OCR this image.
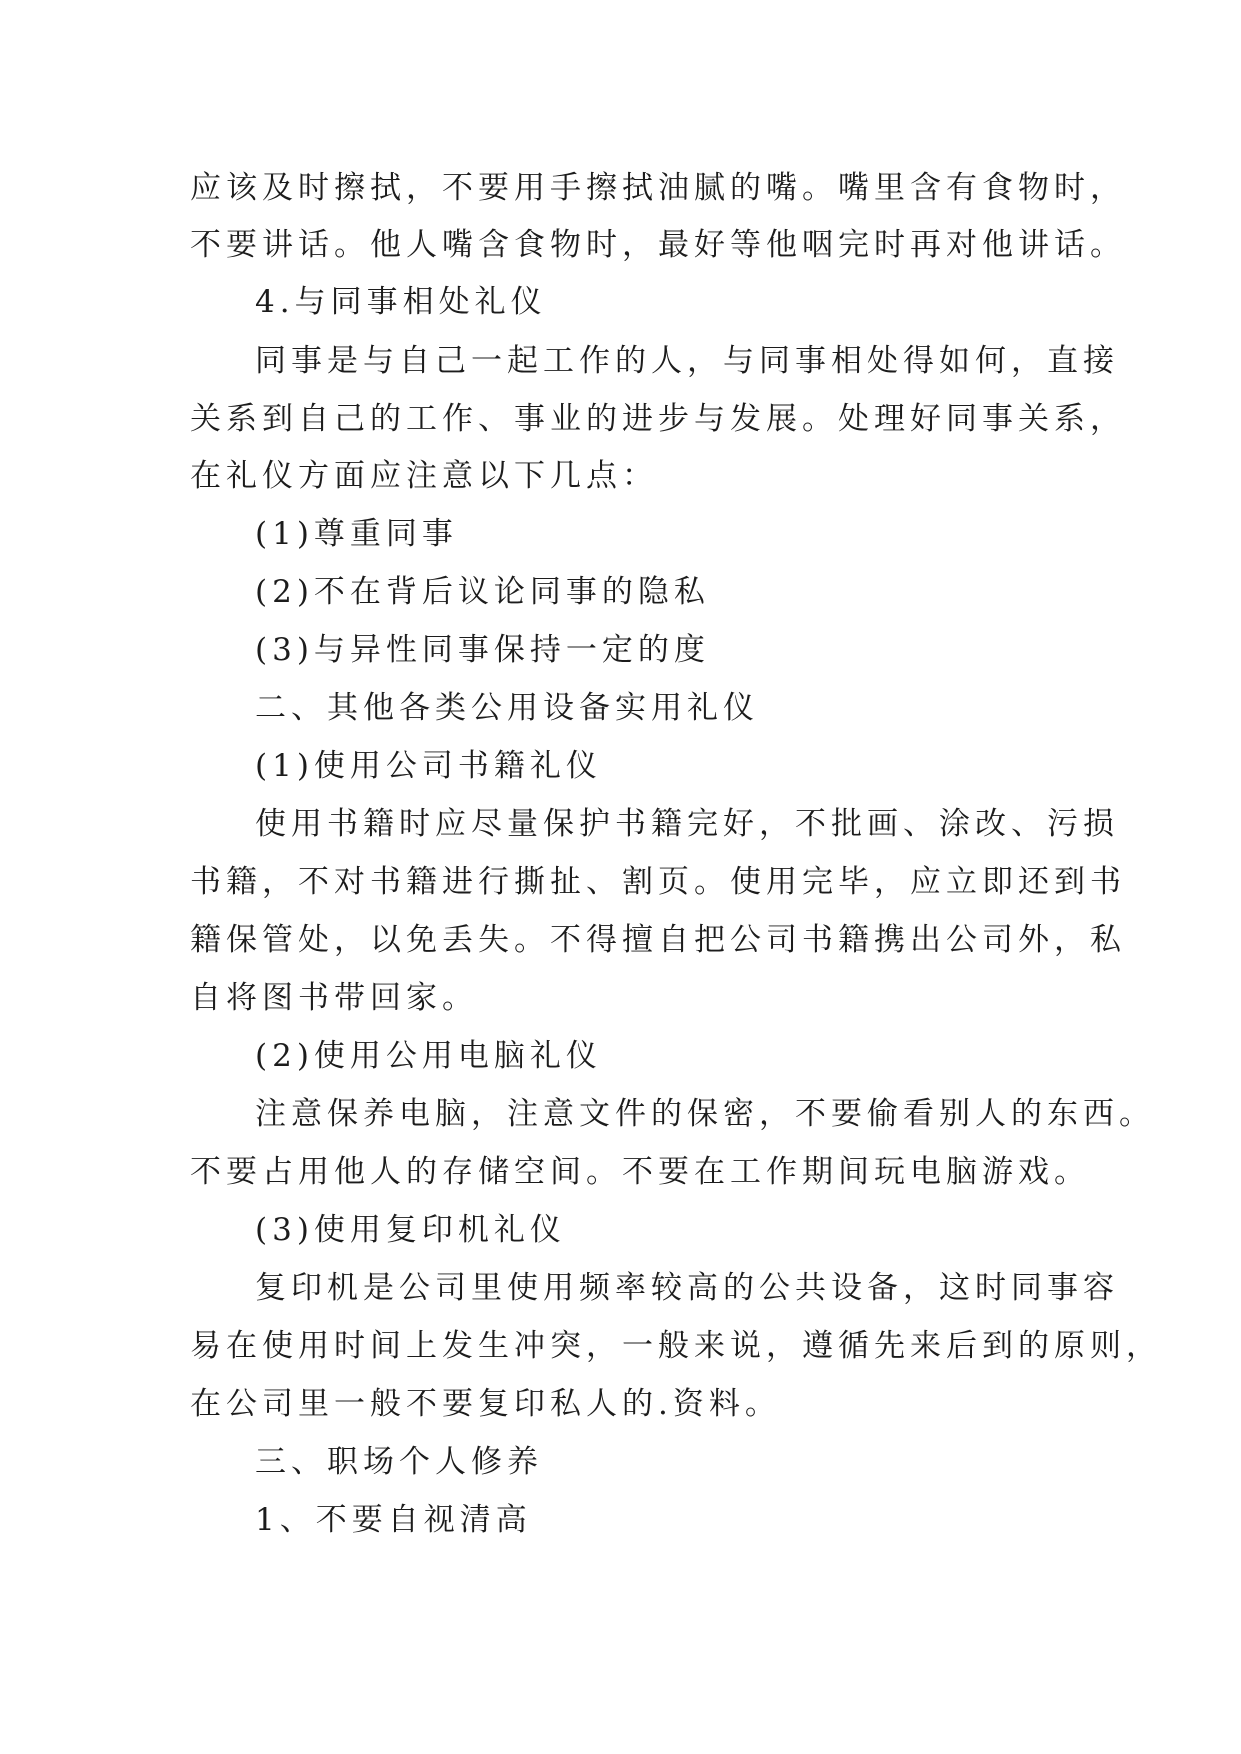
应该及时擦拭，不要用手擦拭油腻的嘴。嘴里含有食物时，

不要讲话。他人嘴含食物时，最好等他咽完时再对他讲话。

4.与同事相处礼仪

同事是与自己一起工作的人，与同事相处得如何，直接

关系到自己的工作、事业的进步与发展。处理好同事关系，

在礼仪方面应注意以下几点：

(1)尊重同事

(2)不在背后议论同事的隐私

(3)与异性同事保持一定的度

二、其他各类公用设备实用礼仪

(1)使用公司书籍礼仪

使用书籍时应尽量保护书籍完好，不批画、涂改、污损

书籍，不对书籍进行撕扯、割页。使用完毕，应立即还到书

籍保管处，以免丢失。不得擅自把公司书籍携出公司外，私

自将图书带回家。

(2)使用公用电脑礼仪

注意保养电脑，注意文件的保密，不要偷看别人的东西。

不要占用他人的存储空间。不要在工作期间玩电脑游戏。

(3)使用复印机礼仪

复印机是公司里使用频率较高的公共设备，这时同事容

易在使用时间上发生冲突，一般来说，遵循先来后到的原则，

在公司里一般不要复印私人的.资料。

三、职场个人修养

1、不要自视清高
